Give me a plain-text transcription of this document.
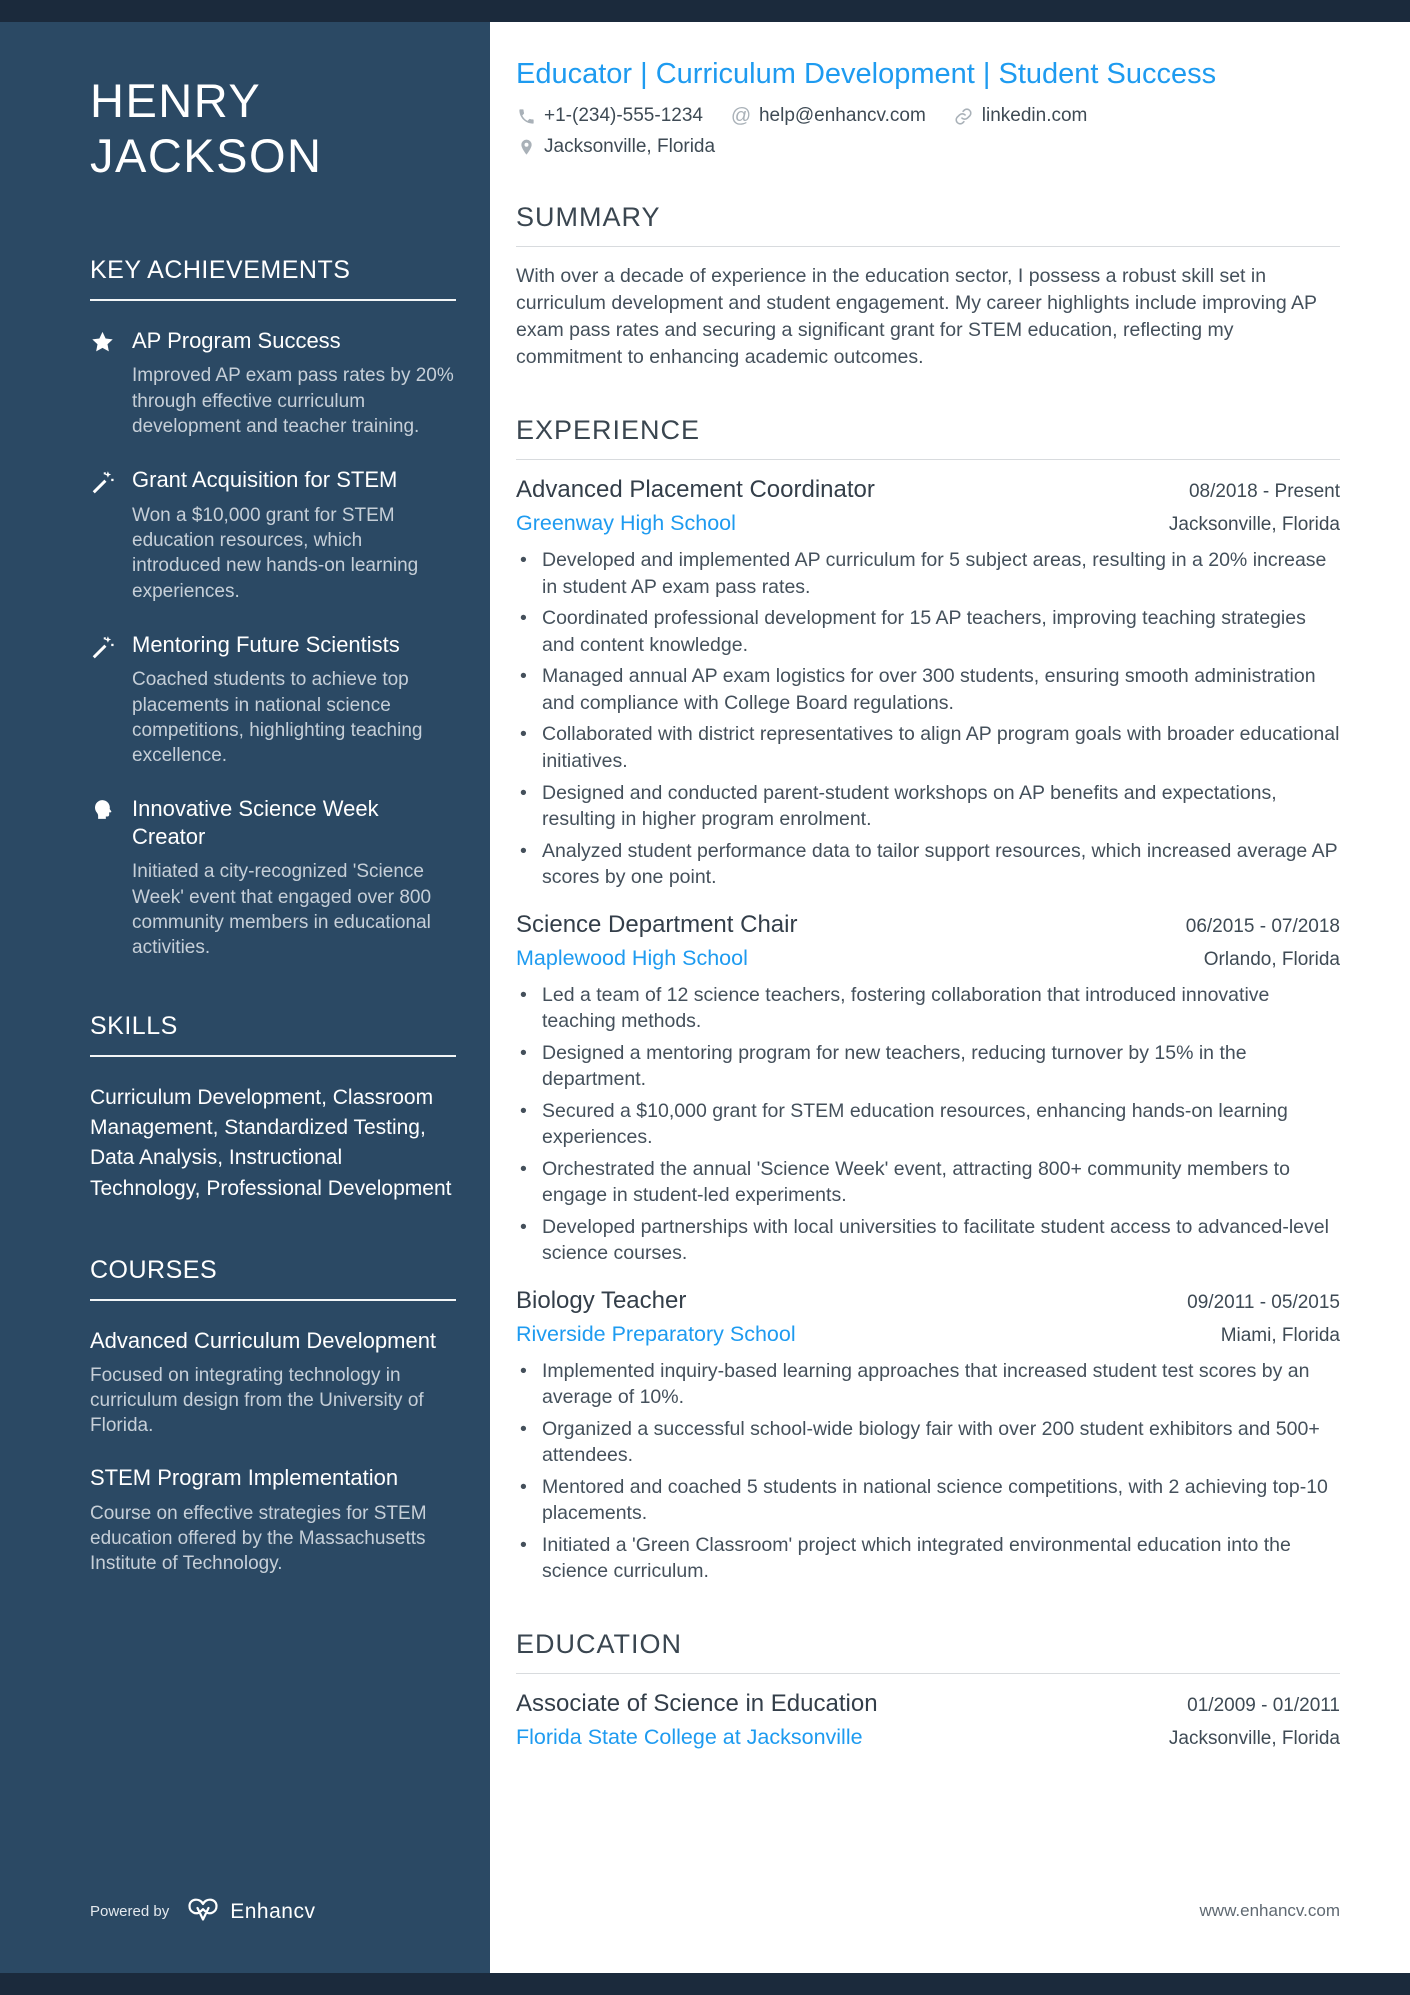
HENRY
JACKSON
KEY ACHIEVEMENTS

AP Program Success

Improved AP exam pass rates by 20% through effective curriculum development and teacher training.

Grant Acquisition for STEM

Won a $10,000 grant for STEM education resources, which introduced new hands-on learning experiences.

Mentoring Future Scientists

Coached students to achieve top placements in national science competitions, highlighting teaching excellence.

Innovative Science Week Creator

Initiated a city-recognized 'Science Week' event that engaged over 800 community members in educational activities.

SKILLS

Curriculum Development, Classroom Management, Standardized Testing, Data Analysis, Instructional Technology, Professional Development

COURSES

Advanced Curriculum Development

Focused on integrating technology in curriculum design from the University of Florida.

STEM Program Implementation

Course on effective strategies for STEM education offered by the Massachusetts Institute of Technology.

Powered by	Enhancv
Educator | Curriculum Development | Student Success
+1-(234)-555-1234 @ help@enhancv.com	linkedin.com
Jacksonville, Florida
SUMMARY

With over a decade of experience in the education sector, I possess a robust skill set in curriculum development and student engagement. My career highlights include improving AP exam pass rates and securing a significant grant for STEM education, reflecting my commitment to enhancing academic outcomes.

EXPERIENCE

Advanced Placement Coordinator	08/2018 - Present

Greenway High School	Jacksonville, Florida
• Developed and implemented AP curriculum for 5 subject areas, resulting in a 20% increase in student AP exam pass rates.
• Coordinated professional development for 15 AP teachers, improving teaching strategies and content knowledge.
• Managed annual AP exam logistics for over 300 students, ensuring smooth administration and compliance with College Board regulations.
• Collaborated with district representatives to align AP program goals with broader educational initiatives.
• Designed and conducted parent-student workshops on AP benefits and expectations, resulting in higher program enrolment.
• Analyzed student performance data to tailor support resources, which increased average AP scores by one point.

Science Department Chair	06/2015 - 07/2018

Maplewood High School	Orlando, Florida
• Led a team of 12 science teachers, fostering collaboration that introduced innovative teaching methods.
• Designed a mentoring program for new teachers, reducing turnover by 15% in the department.
• Secured a $10,000 grant for STEM education resources, enhancing hands-on learning experiences.
• Orchestrated the annual 'Science Week' event, attracting 800+ community members to engage in student-led experiments.
• Developed partnerships with local universities to facilitate student access to advanced-level science courses.

Biology Teacher	09/2011 - 05/2015

Riverside Preparatory School	Miami, Florida
• Implemented inquiry-based learning approaches that increased student test scores by an average of 10%.
• Organized a successful school-wide biology fair with over 200 student exhibitors and 500+ attendees.
• Mentored and coached 5 students in national science competitions, with 2 achieving top-10 placements.
• Initiated a 'Green Classroom' project which integrated environmental education into the science curriculum.
EDUCATION

Associate of Science in Education	01/2009 - 01/2011

Florida State College at Jacksonville	Jacksonville, Florida
www.enhancv.com
